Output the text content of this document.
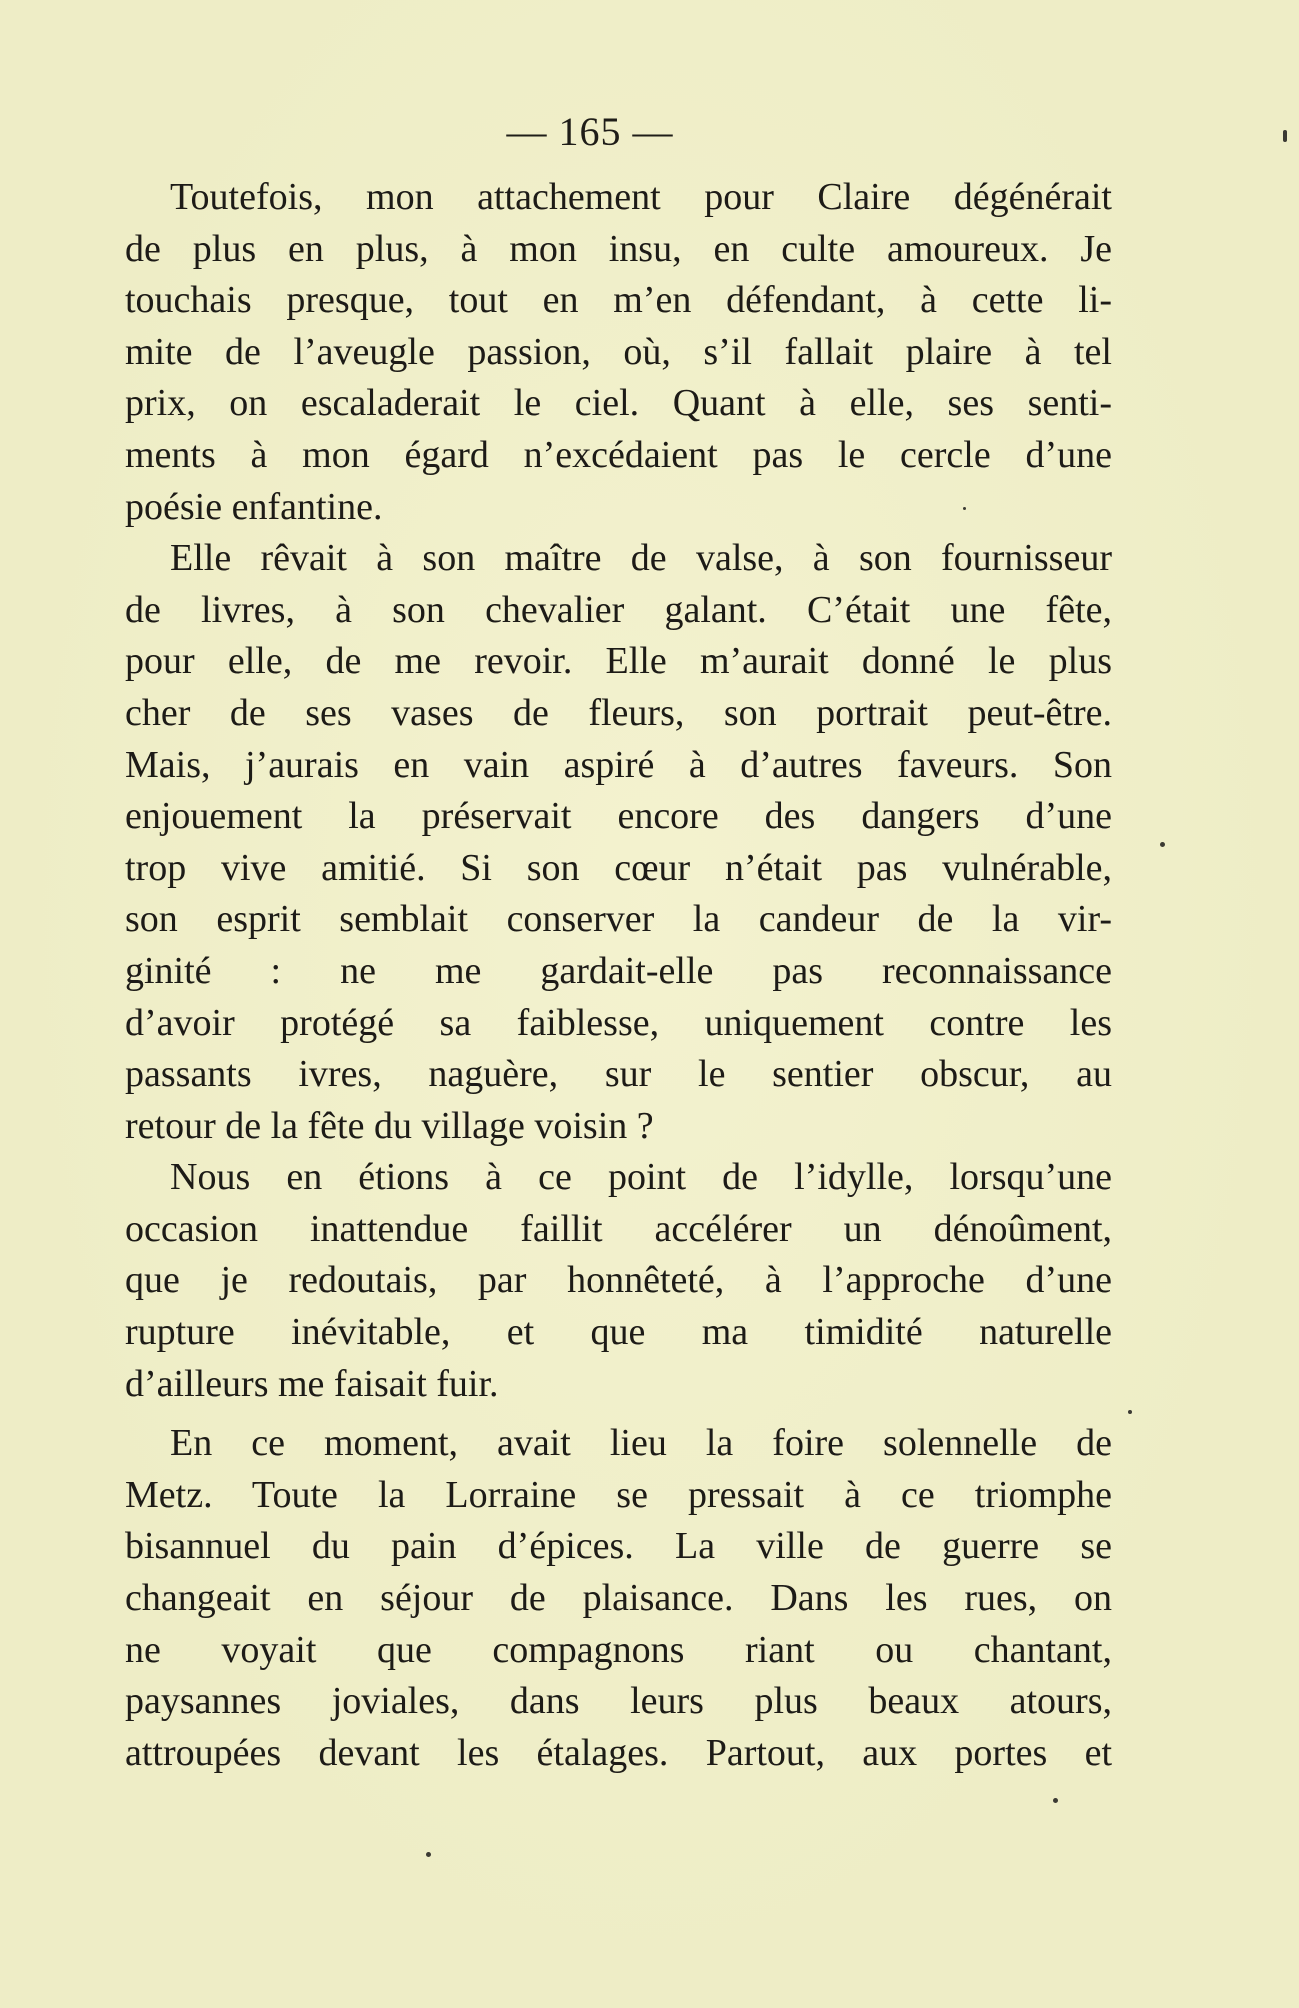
— 165 —
Toutefois, mon attachement pour Claire dégénérait
de plus en plus, à mon insu, en culte amoureux. Je
touchais presque, tout en m’en défendant, à cette li-
mite de l’aveugle passion, où, s’il fallait plaire à tel
prix, on escaladerait le ciel. Quant à elle, ses senti-
ments à mon égard n’excédaient pas le cercle d’une
poésie enfantine.
Elle rêvait à son maître de valse, à son fournisseur
de livres, à son chevalier galant. C’était une fête,
pour elle, de me revoir. Elle m’aurait donné le plus
cher de ses vases de fleurs, son portrait peut-être.
Mais, j’aurais en vain aspiré à d’autres faveurs. Son
enjouement la préservait encore des dangers d’une
trop vive amitié. Si son cœur n’était pas vulnérable,
son esprit semblait conserver la candeur de la vir-
ginité : ne me gardait-elle pas reconnaissance
d’avoir protégé sa faiblesse, uniquement contre les
passants ivres, naguère, sur le sentier obscur, au
retour de la fête du village voisin ?
Nous en étions à ce point de l’idylle, lorsqu’une
occasion inattendue faillit accélérer un dénoûment,
que je redoutais, par honnêteté, à l’approche d’une
rupture inévitable, et que ma timidité naturelle
d’ailleurs me faisait fuir.
En ce moment, avait lieu la foire solennelle de
Metz. Toute la Lorraine se pressait à ce triomphe
bisannuel du pain d’épices. La ville de guerre se
changeait en séjour de plaisance. Dans les rues, on
ne voyait que compagnons riant ou chantant,
paysannes joviales, dans leurs plus beaux atours,
attroupées devant les étalages. Partout, aux portes et
